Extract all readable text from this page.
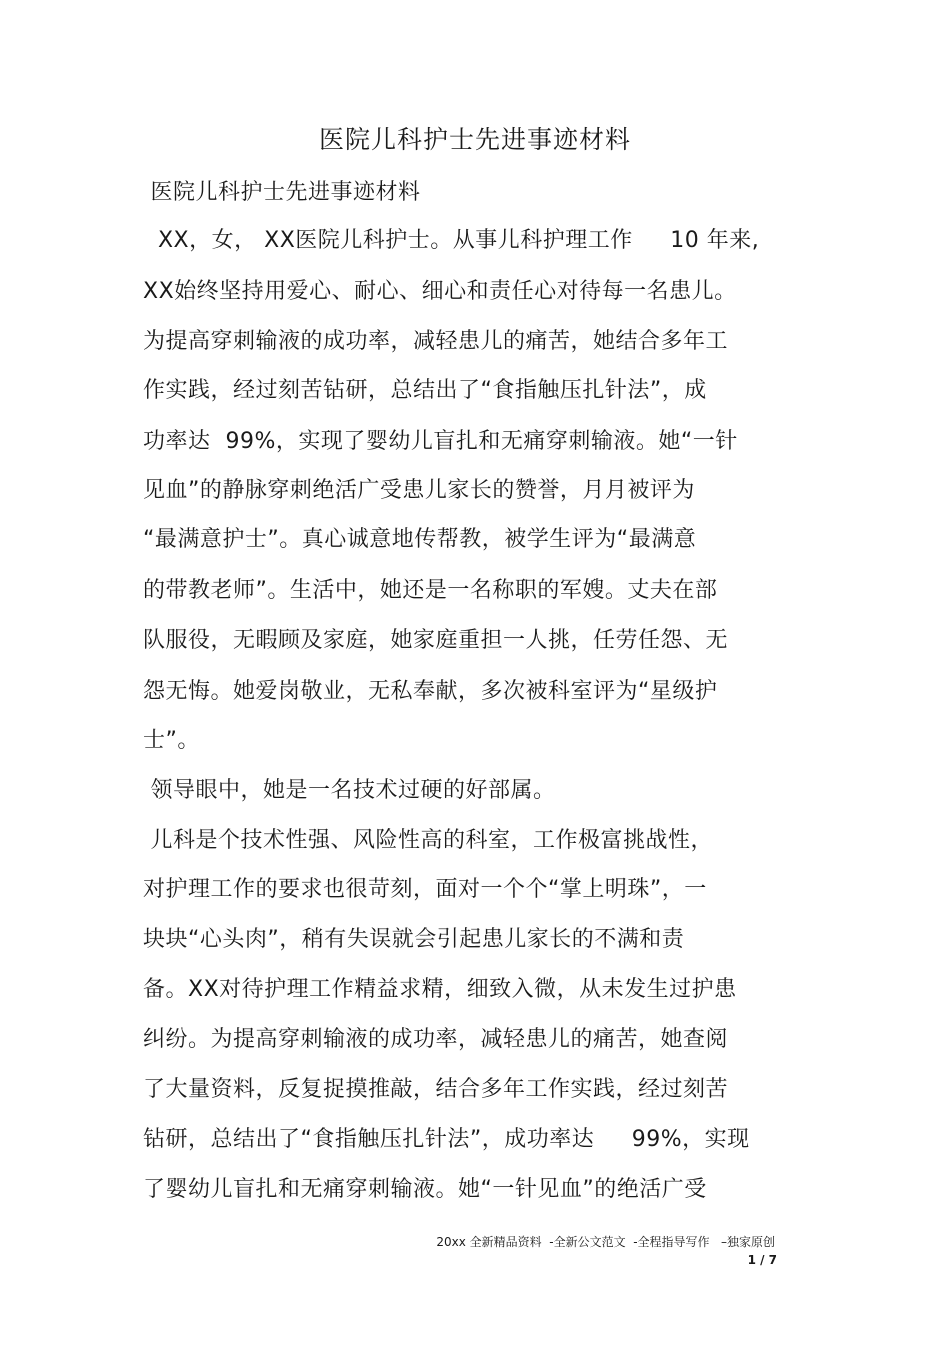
医院儿科护士先进事迹材料
医院儿科护士先进事迹材料
XX，女， XX医院儿科护士。从事儿科护理工作     10 年来,
XX始终坚持用爱心、耐心、细心和责任心对待每一名患儿。
为提高穿刺输液的成功率，减轻患儿的痛苦，她结合多年工
作实践，经过刻苦钻研，总结出了“食指触压扎针法”，成
功率达  99%，实现了婴幼儿盲扎和无痛穿刺输液。她“一针
见血”的静脉穿刺绝活广受患儿家长的赞誉，月月被评为
“最满意护士”。真心诚意地传帮教，被学生评为“最满意
的带教老师”。生活中，她还是一名称职的军嫂。丈夫在部
队服役，无暇顾及家庭，她家庭重担一人挑，任劳任怨、无
怨无悔。她爱岗敬业，无私奉献，多次被科室评为“星级护
士”。
领导眼中，她是一名技术过硬的好部属。
儿科是个技术性强、风险性高的科室，工作极富挑战性，
对护理工作的要求也很苛刻，面对一个个“掌上明珠”，一
块块“心头肉”，稍有失误就会引起患儿家长的不满和责
备。XX对待护理工作精益求精，细致入微，从未发生过护患
纠纷。为提高穿刺输液的成功率，减轻患儿的痛苦，她查阅
了大量资料，反复捉摸推敲，结合多年工作实践，经过刻苦
钻研，总结出了“食指触压扎针法”，成功率达     99%，实现
了婴幼儿盲扎和无痛穿刺输液。她“一针见血”的绝活广受
20xx 全新精品资料  -全新公文范文  -全程指导写作   –独家原创
1 / 7
